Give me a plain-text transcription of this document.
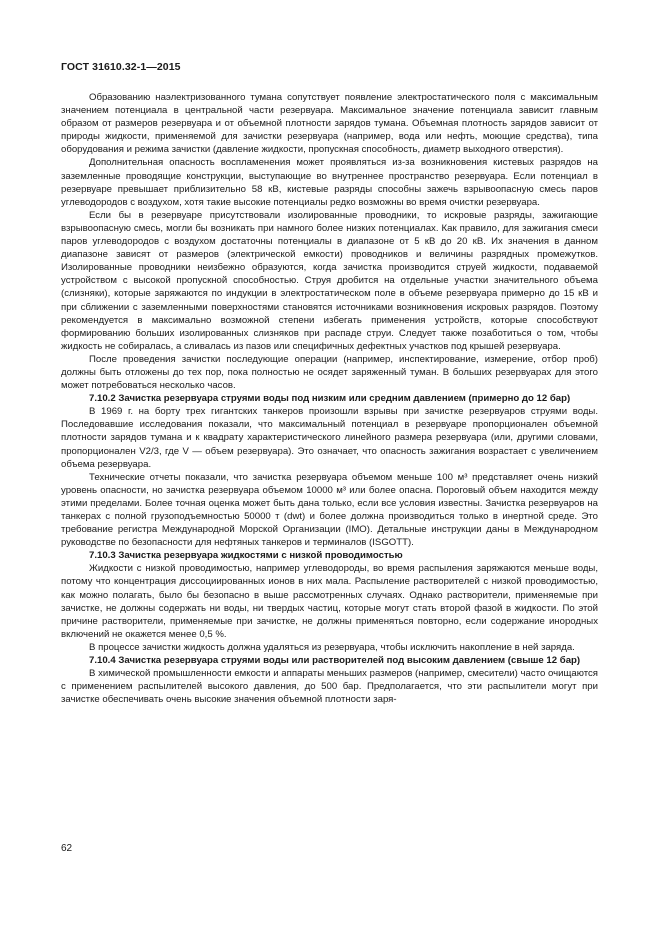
ГОСТ 31610.32-1—2015

Образованию наэлектризованного тумана сопутствует появление электростатического поля с максимальным значением потенциала в центральной части резервуара. Максимальное значение потенциала зависит главным образом от размеров резервуара и от объемной плотности зарядов тумана. Объемная плотность зарядов зависит от природы жидкости, применяемой для зачистки резервуара (например, вода или нефть, моющие средства), типа оборудования и режима зачистки (давление жидкости, пропускная способность, диаметр выходного отверстия).

Дополнительная опасность воспламенения может проявляться из-за возникновения кистевых разрядов на заземленные проводящие конструкции, выступающие во внутреннее пространство резервуара. Если потенциал в резервуаре превышает приблизительно 58 кВ, кистевые разряды способны зажечь взрывоопасную смесь паров углеводородов с воздухом, хотя такие высокие потенциалы редко возможны во время очистки резервуара.

Если бы в резервуаре присутствовали изолированные проводники, то искровые разряды, зажигающие взрывоопасную смесь, могли бы возникать при намного более низких потенциалах. Как правило, для зажигания смеси паров углеводородов с воздухом достаточны потенциалы в диапазоне от 5 кВ до 20 кВ. Их значения в данном диапазоне зависят от размеров (электрической емкости) проводников и величины разрядных промежутков. Изолированные проводники неизбежно образуются, когда зачистка производится струей жидкости, подаваемой устройством с высокой пропускной способностью. Струя дробится на отдельные участки значительного объема (слизняки), которые заряжаются по индукции в электростатическом поле в объеме резервуара примерно до 15 кВ и при сближении с заземленными поверхностями становятся источниками возникновения искровых разрядов. Поэтому рекомендуется в максимально возможной степени избегать применения устройств, которые способствуют формированию больших изолированных слизняков при распаде струи. Следует также позаботиться о том, чтобы жидкость не собиралась, а сливалась из пазов или специфичных дефектных участков под крышей резервуара.

После проведения зачистки последующие операции (например, инспектирование, измерение, отбор проб) должны быть отложены до тех пор, пока полностью не осядет заряженный туман. В больших резервуарах для этого может потребоваться несколько часов.

7.10.2 Зачистка резервуара струями воды под низким или средним давлением (примерно до 12 бар)

В 1969 г. на борту трех гигантских танкеров произошли взрывы при зачистке резервуаров струями воды. Последовавшие исследования показали, что максимальный потенциал в резервуаре пропорционален объемной плотности зарядов тумана и к квадрату характеристического линейного размера резервуара (или, другими словами, пропорционален V2/3, где V — объем резервуара). Это означает, что опасность зажигания возрастает с увеличением объема резервуара.

Технические отчеты показали, что зачистка резервуара объемом меньше 100 м³ представляет очень низкий уровень опасности, но зачистка резервуара объемом 10000 м³ или более опасна. Пороговый объем находится между этими пределами. Более точная оценка может быть дана только, если все условия известны. Зачистка резервуаров на танкерах с полной грузоподъемностью 50000 т (dwt) и более должна производиться только в инертной среде. Это требование регистра Международной Морской Организации (IMO). Детальные инструкции даны в Международном руководстве по безопасности для нефтяных танкеров и терминалов (ISGOTT).

7.10.3 Зачистка резервуара жидкостями с низкой проводимостью

Жидкости с низкой проводимостью, например углеводороды, во время распыления заряжаются меньше воды, потому что концентрация диссоциированных ионов в них мала. Распыление растворителей с низкой проводимостью, как можно полагать, было бы безопасно в выше рассмотренных случаях. Однако растворители, применяемые при зачистке, не должны содержать ни воды, ни твердых частиц, которые могут стать второй фазой в жидкости. По этой причине растворители, применяемые при зачистке, не должны применяться повторно, если содержание инородных включений не окажется менее 0,5 %.

В процессе зачистки жидкость должна удаляться из резервуара, чтобы исключить накопление в ней заряда.

7.10.4 Зачистка резервуара струями воды или растворителей под высоким давлением (свыше 12 бар)

В химической промышленности емкости и аппараты меньших размеров (например, смесители) часто очищаются с применением распылителей высокого давления, до 500 бар. Предполагается, что эти распылители могут при зачистке обеспечивать очень высокие значения объемной плотности заря-

62
